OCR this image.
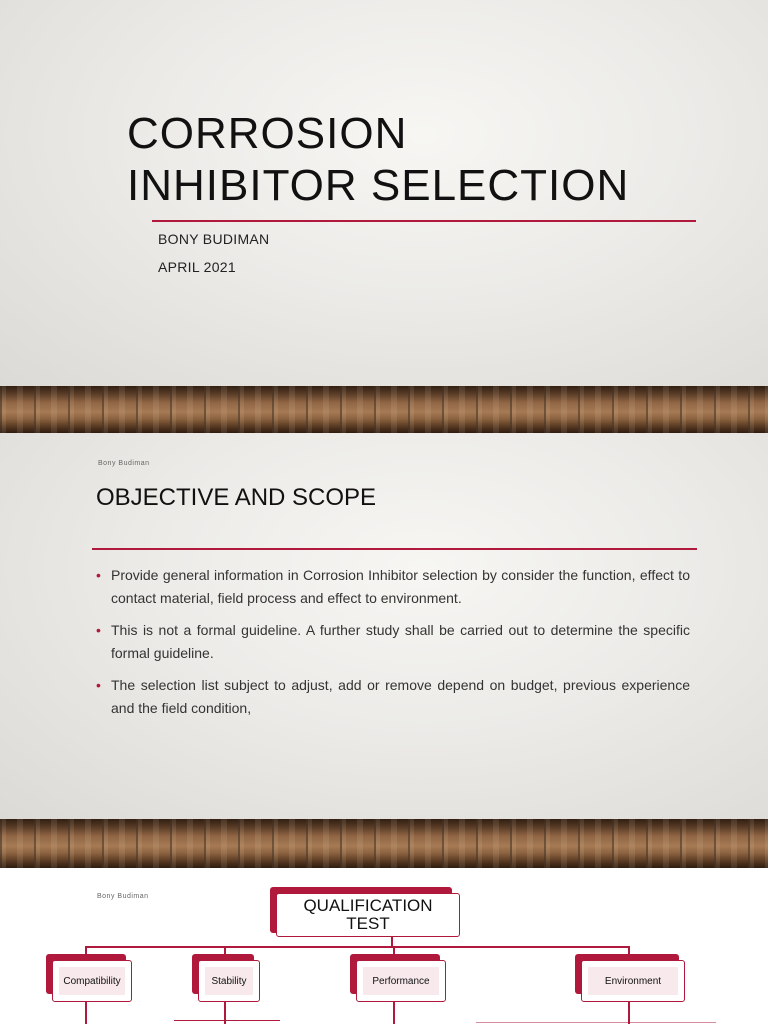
CORROSION
INHIBITOR SELECTION
BONY BUDIMAN
APRIL 2021
Bony Budiman
OBJECTIVE AND SCOPE
• Provide general information in Corrosion Inhibitor selection by consider the function, effect to contact material, field process and effect to environment.
• This is not a formal guideline. A further study shall be carried out to determine the specific formal guideline.
• The selection list subject to adjust, add or remove depend on budget, previous experience and the field condition,
Bony Budiman	QUALIFICATION TEST
Compatibility	Stability	Performance	Environment
